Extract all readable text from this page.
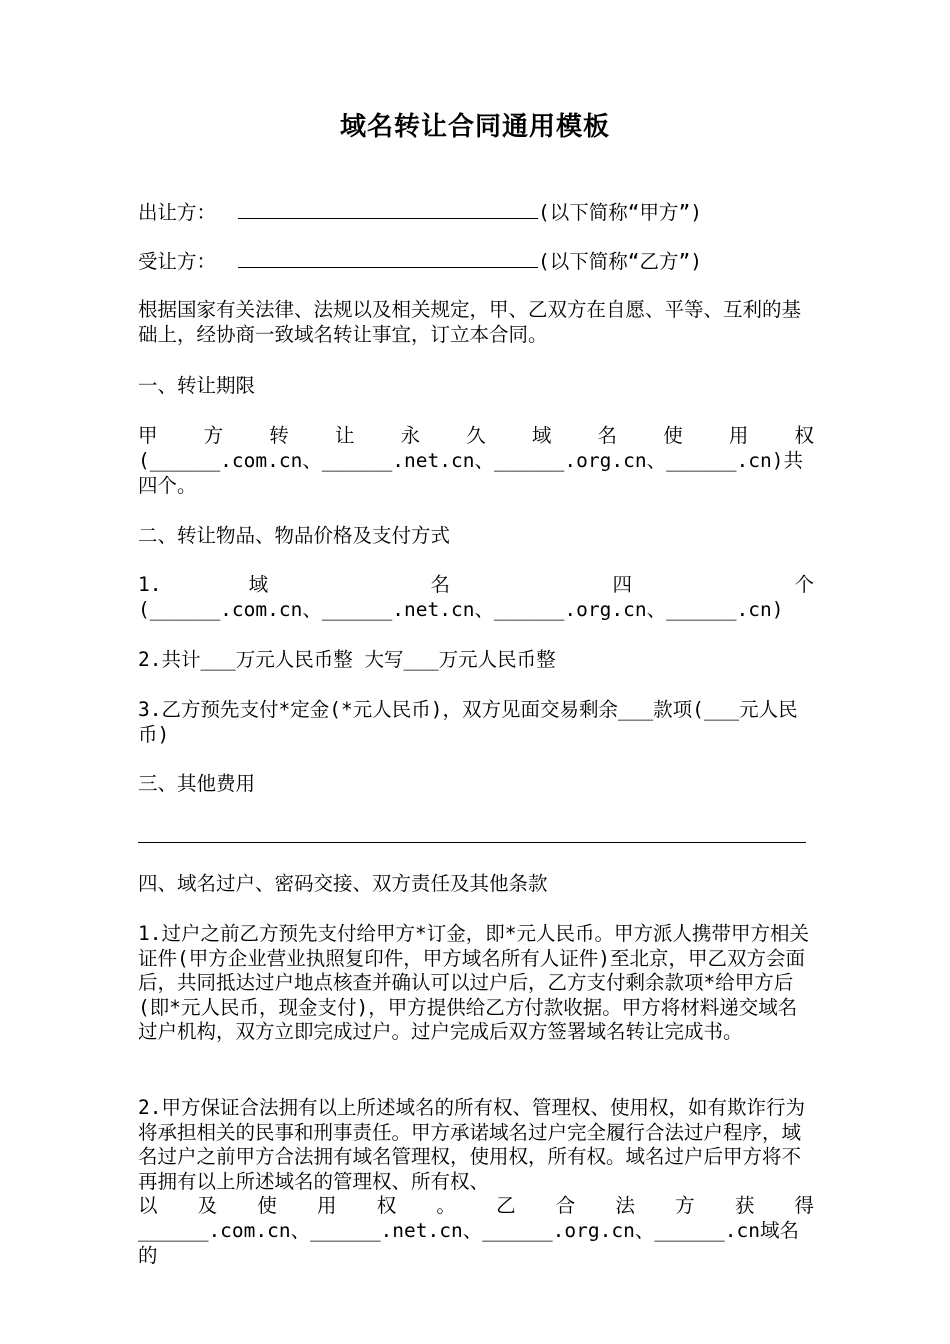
域名转让合同通用模板
出让方：	(以下简称“甲方”)
受让方：	(以下简称“乙方”)

根据国家有关法律、法规以及相关规定，甲、乙双方在自愿、平等、互利的基础上，经协商一致域名转让事宜，订立本合同。

一、转让期限
甲 方 转 让 永 久 域 名 使 用 权

(______.com.cn、______.net.cn、______.org.cn、______.cn)共四个。

二、转让物品、物品价格及支付方式
1. 域 名 四 个
(______.com.cn、______.net.cn、______.org.cn、______.cn)
2.共计___万元人民币整 大写___万元人民币整

3.乙方预先支付*定金(*元人民币)，双方见面交易剩余___款项(___元人民币)

三、其他费用
四、域名过户、密码交接、双方责任及其他条款

1.过户之前乙方预先支付给甲方*订金，即*元人民币。甲方派人携带甲方相关证件(甲方企业营业执照复印件，甲方域名所有人证件)至北京，甲乙双方会面后，共同抵达过户地点核查并确认可以过户后，乙方支付剩余款项*给甲方后(即*元人民币，现金支付)，甲方提供给乙方付款收据。甲方将材料递交域名过户机构，双方立即完成过户。过户完成后双方签署域名转让完成书。

2.甲方保证合法拥有以上所述域名的所有权、管理权、使用权，如有欺诈行为将承担相关的民事和刑事责任。甲方承诺域名过户完全履行合法过户程序，域名过户之前甲方合法拥有域名管理权，使用权，所有权。域名过户后甲方将不再拥有以上所述域名的管理权、所有权、

以 及 使 用 权 。 乙 合 法 方 获 得
______.com.cn、______.net.cn、______.org.cn、______.cn域名的
